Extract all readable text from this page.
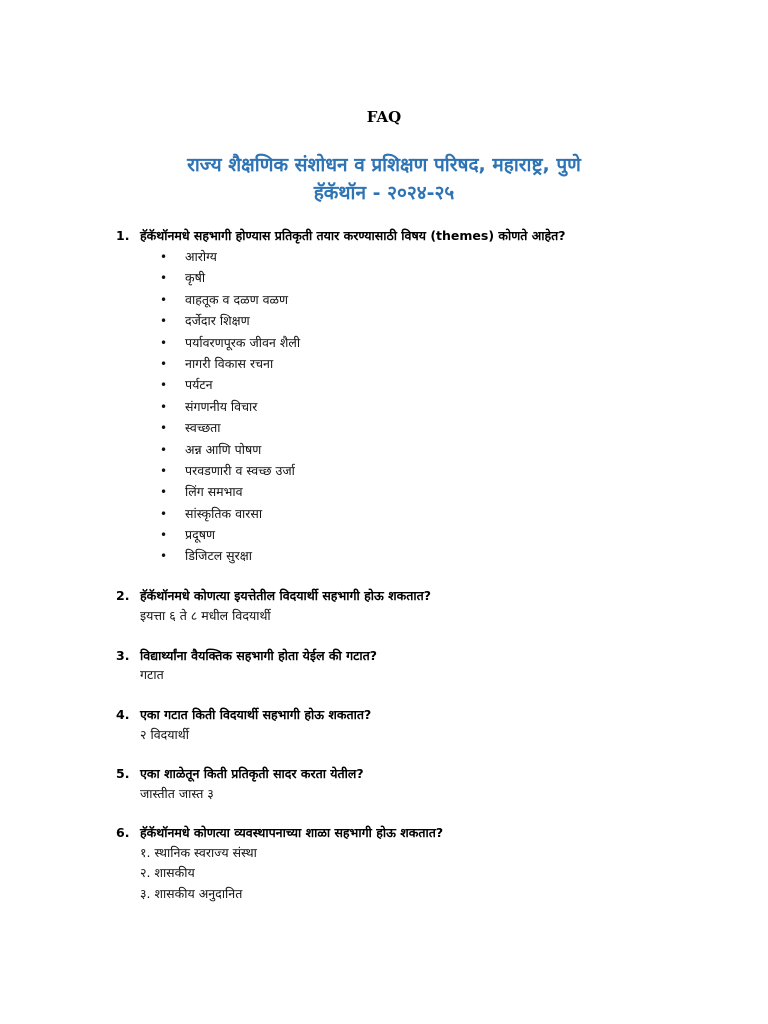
FAQ
राज्य शैक्षणिक संशोधन व प्रशिक्षण परिषद, महाराष्ट्र, पुणे
हॅकॅथॉन - २०२४-२५
1. हॅकॅथॉनमधे सहभागी होण्यास प्रतिकृती तयार करण्यासाठी विषय (themes) कोणते आहेत?
• आरोग्य
• कृषी
• वाहतूक व दळण वळण
• दर्जेदार शिक्षण
• पर्यावरणपूरक जीवन शैली
• नागरी विकास रचना
• पर्यटन
• संगणनीय विचार
• स्वच्छता
• अन्न आणि पोषण
• परवडणारी व स्वच्छ उर्जा
• लिंग समभाव
• सांस्कृतिक वारसा
• प्रदूषण
• डिजिटल सुरक्षा
2. हॅकॅथॉनमधे कोणत्या इयत्तेतील विदयार्थी सहभागी होऊ शकतात?
इयत्ता ६ ते ८ मधील विदयार्थी
3. विद्यार्थ्यांना वैयक्तिक सहभागी होता येईल की गटात?
गटात
4. एका गटात किती विदयार्थी सहभागी होऊ शकतात?
२ विदयार्थी
5. एका शाळेतून किती प्रतिकृती सादर करता येतील?
जास्तीत जास्त ३
6. हॅकॅथॉनमधे कोणत्या व्यवस्थापनाच्या शाळा सहभागी होऊ शकतात?
१. स्थानिक स्वराज्य संस्था
२. शासकीय
३. शासकीय अनुदानित
